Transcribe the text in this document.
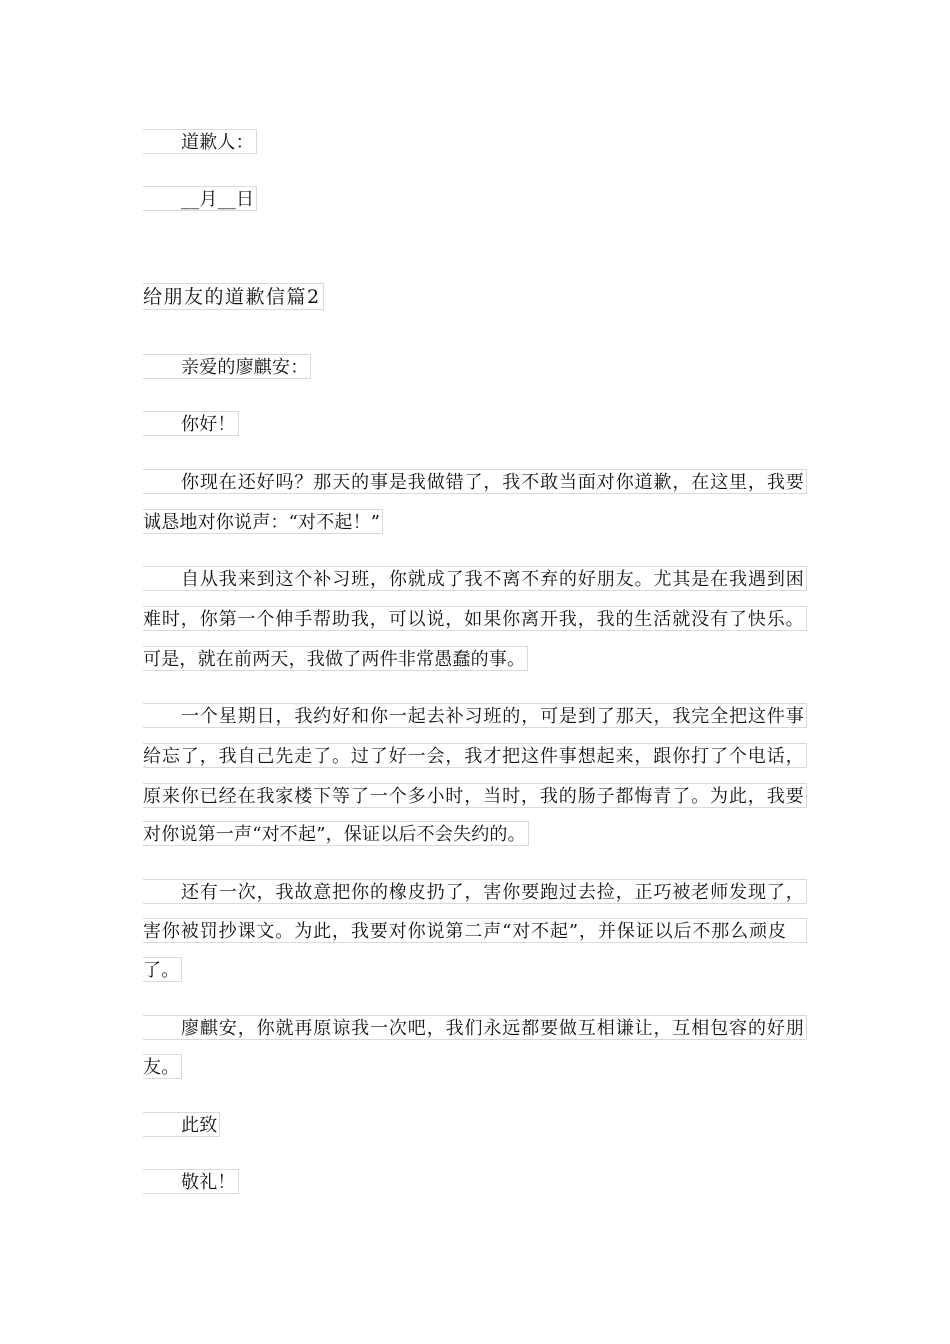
道歉人：
__月__日
给朋友的道歉信篇2
亲爱的廖麒安：
你好！
你现在还好吗？那天的事是我做错了，我不敢当面对你道歉，在这里，我要
诚恳地对你说声：“对不起！”
自从我来到这个补习班，你就成了我不离不弃的好朋友。尤其是在我遇到困
难时，你第一个伸手帮助我，可以说，如果你离开我，我的生活就没有了快乐。
可是，就在前两天，我做了两件非常愚蠢的事。
一个星期日，我约好和你一起去补习班的，可是到了那天，我完全把这件事
给忘了，我自己先走了。过了好一会，我才把这件事想起来，跟你打了个电话，
原来你已经在我家楼下等了一个多小时，当时，我的肠子都悔青了。为此，我要
对你说第一声“对不起”，保证以后不会失约的。
还有一次，我故意把你的橡皮扔了，害你要跑过去捡，正巧被老师发现了，
害你被罚抄课文。为此，我要对你说第二声“对不起”，并保证以后不那么顽皮
了。
廖麒安，你就再原谅我一次吧，我们永远都要做互相谦让，互相包容的好朋
友。
此致
敬礼！
